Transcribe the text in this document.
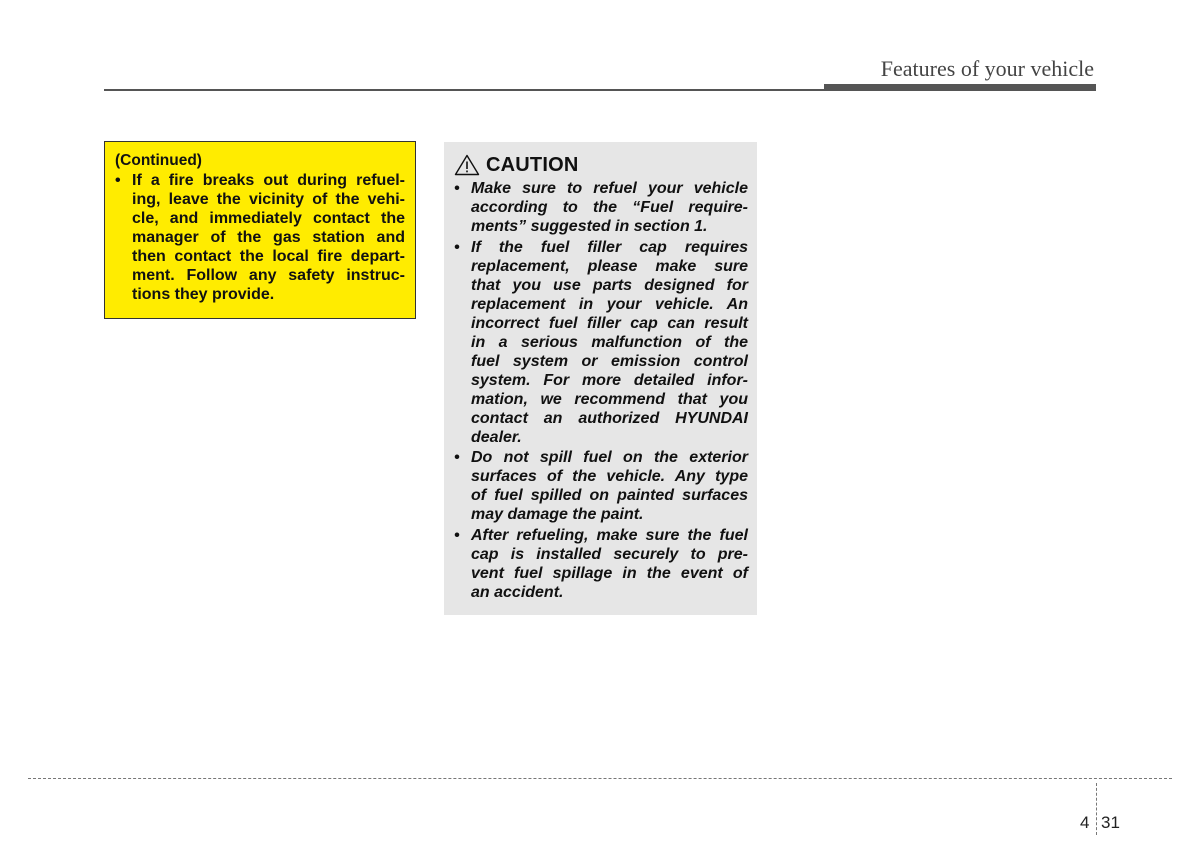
Features of your vehicle
(Continued)
• If a fire breaks out during refuel-
ing, leave the vicinity of the vehi-
cle, and immediately contact the
manager of the gas station and
then contact the local fire depart-
ment. Follow any safety instruc-
tions they provide.
CAUTION
• Make sure to refuel your vehicle
according to the “Fuel require-
ments” suggested in section 1.
• If the fuel filler cap requires
replacement, please make sure
that you use parts designed for
replacement in your vehicle. An
incorrect fuel filler cap can result
in a serious malfunction of the
fuel system or emission control
system. For more detailed infor-
mation, we recommend that you
contact an authorized HYUNDAI
dealer.
• Do not spill fuel on the exterior
surfaces of the vehicle. Any type
of fuel spilled on painted surfaces
may damage the paint.
• After refueling, make sure the fuel
cap is installed securely to pre-
vent fuel spillage in the event of
an accident.
4 31
